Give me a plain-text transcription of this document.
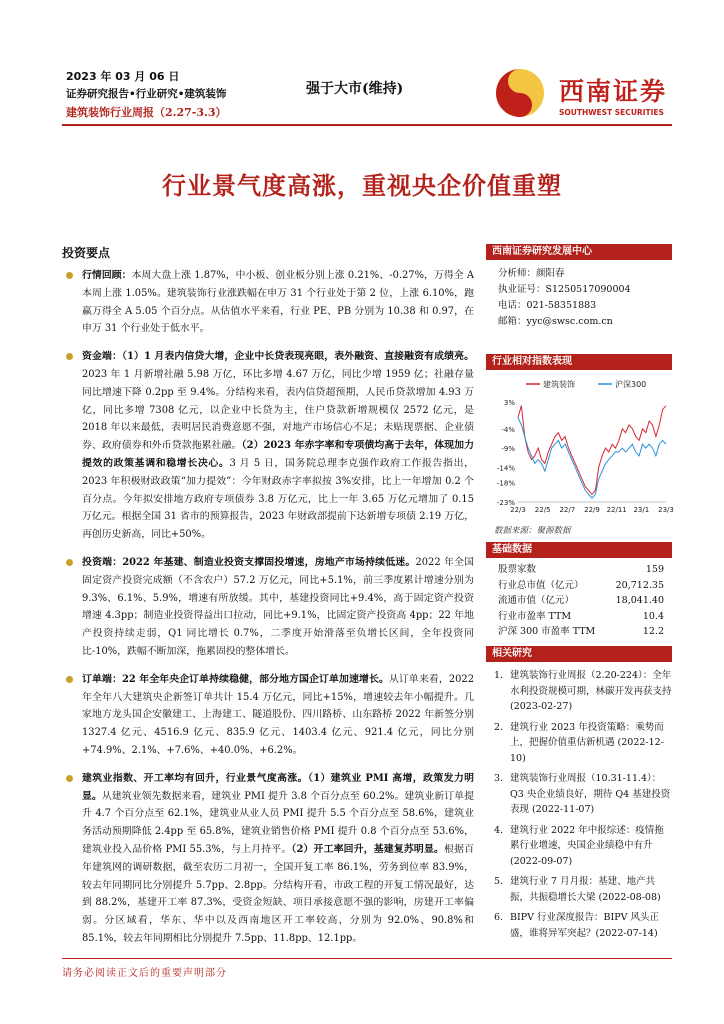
2023 年 03 月 06 日
证券研究报告•行业研究•建筑装饰
建筑装饰行业周报（2.27-3.3）
强于大市(维持)	西南证券
SOUTHWEST SECURITIES
行业景气度高涨，重视央企价值重塑
投资要点
行情回顾：本周大盘上涨 1.87%，中小板、创业板分别上涨 0.21%、-0.27%，万得全 A 本周上涨 1.05%。建筑装饰行业涨跌幅在申万 31 个行业处于第 2 位，上涨 6.10%，跑赢万得全 A 5.05 个百分点。从估值水平来看，行业 PE、PB 分别为 10.38 和 0.97，在申万 31 个行业处于低水平。
资金端：（1）1 月表内信贷大增，企业中长贷表现亮眼，表外融资、直接融资有成绩亮。2023 年 1 月新增社融 5.98 万亿，环比多增 4.67 万亿，同比少增 1959 亿；社融存量同比增速下降 0.2pp 至 9.4%。分结构来看，表内信贷超预期，人民币贷款增加 4.93 万亿，同比多增 7308 亿元，以企业中长贷为主，住户贷款新增规模仅 2572 亿元，是 2018 年以来最低，表明居民消费意愿不强，对地产市场信心不足；未贴现票据、企业债券、政府债券和外币贷款拖累社融。（2）2023 年赤字率和专项债均高于去年，体现加力提效的政策基调和稳增长决心。3 月 5 日，国务院总理李克强作政府工作报告指出，2023 年积极财政政策“加力提效”：今年财政赤字率拟按 3%安排，比上一年增加 0.2 个百分点。今年拟安排地方政府专项债券 3.8 万亿元，比上一年 3.65 万亿元增加了 0.15 万亿元。根据全国 31 省市的预算报告，2023 年财政部提前下达新增专项债 2.19 万亿，再创历史新高，同比+50%。
投资端：2022 年基建、制造业投资支撑固投增速，房地产市场持续低迷。2022 年全国固定资产投资完成额（不含农户）57.2 万亿元，同比+5.1%，前三季度累计增速分别为 9.3%、6.1%、5.9%，增速有所放缓。其中，基建投资同比+9.4%，高于固定资产投资增速 4.3pp；制造业投资得益出口拉动，同比+9.1%，比固定资产投资高 4pp；22 年地产投资持续走弱，Q1 同比增长 0.7%，二季度开始滑落至负增长区间，全年投资同比-10%，跌幅不断加深，拖累固投的整体增长。
订单端：22 年全年央企订单持续稳健，部分地方国企订单加速增长。从订单来看，2022 年全年八大建筑央企新签订单共计 15.4 万亿元，同比+15%，增速较去年小幅提升。几家地方龙头国企安徽建工、上海建工、隧道股份、四川路桥、山东路桥 2022 年新签分别 1327.4 亿元、4516.9 亿元、835.9 亿元、1403.4 亿元、921.4 亿元，同比分别+74.9%、2.1%、+7.6%、+40.0%、+6.2%。
建筑业指数、开工率均有回升，行业景气度高涨。（1）建筑业 PMI 高增，政策发力明显。从建筑业领先数据来看，建筑业 PMI 提升 3.8 个百分点至 60.2%。建筑业新订单提升 4.7 个百分点至 62.1%，建筑业从业人员 PMI 提升 5.5 个百分点至 58.6%，建筑业务活动预期降低 2.4pp 至 65.8%，建筑业销售价格 PMI 提升 0.8 个百分点至 53.6%，建筑业投入品价格 PMI 55.3%，与上月持平。（2）开工率回升，基建复苏明显。根据百年建筑网的调研数据，截至农历二月初一，全国开复工率 86.1%，劳务到位率 83.9%，较去年同期同比分别提升 5.7pp、2.8pp。分结构开看，市政工程的开复工情况最好，达到 88.2%，基建开工率 87.3%，受资金短缺、项目承接意愿不强的影响，房建开工率偏弱。分区域看，华东、华中以及西南地区开工率较高，分别为 92.0%、90.8%和 85.1%，较去年同期相比分别提升 7.5pp、11.8pp、12.1pp。
西南证券研究发展中心
分析师：颜阳春
执业证号：S1250517090004
电话：021-58351883
邮箱：yyc@swsc.com.cn
行业相对指数表现
建筑装饰	沪深300
3%
-4%
-9%
-14%
-18%
-23%
22/3 22/5 22/7 22/9 22/11 23/1 23/3
数据来源：聚源数据
基础数据
股票家数	159
行业总市值（亿元）	20,712.35
流通市值（亿元）	18,041.40
行业市盈率 TTM	10.4
沪深 300 市盈率 TTM	12.2
相关研究
1. 建筑装饰行业周报（2.20-224）：全年水利投资规模可期，林碳开发再获支持 (2023-02-27)
2. 建筑行业 2023 年投资策略：乘势而上，把握价值重估新机遇 (2022-12-10)
3. 建筑装饰行业周报（10.31-11.4）：Q3 央企业绩良好，期待 Q4 基建投资表现 (2022-11-07)
4. 建筑行业 2022 年中报综述：疫情拖累行业增速，央国企业绩稳中有升 (2022-09-07)
5. 建筑行业 7 月月报：基建、地产共振，共振稳增长大梁 (2022-08-08)
6. BIPV 行业深度报告：BIPV 风头正盛，谁将异军突起？(2022-07-14)
请务必阅读正文后的重要声明部分
